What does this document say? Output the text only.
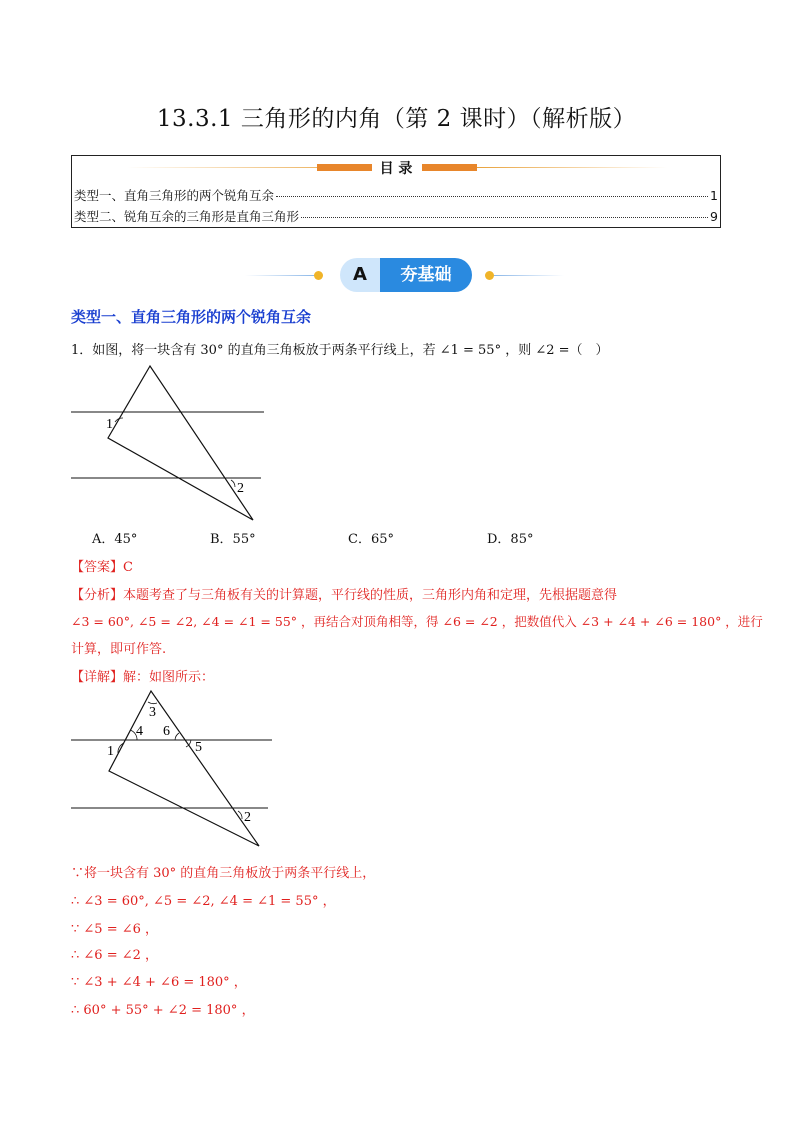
13.3.1 三角形的内角（第 2 课时）（解析版）
目 录
类型一、直角三角形的两个锐角互余	1
类型二、锐角互余的三角形是直角三角形	9
A	夯基础
类型一、直角三角形的两个锐角互余
1．如图，将一块含有 30° 的直角三角板放于两条平行线上，若 ∠1 = 55° ，则 ∠2 =（　）
1
2
A．45°	B．55°	C．65°	D．85°
【答案】C
【分析】本题考查了与三角板有关的计算题，平行线的性质，三角形内角和定理，先根据题意得
∠3 = 60°, ∠5 = ∠2, ∠4 = ∠1 = 55° ，再结合对顶角相等，得 ∠6 = ∠2 ，把数值代入 ∠3 + ∠4 + ∠6 = 180° ，进行
计算，即可作答.
【详解】解：如图所示：
1
3
4 6
5
2
∵将一块含有 30° 的直角三角板放于两条平行线上，
∴ ∠3 = 60°, ∠5 = ∠2, ∠4 = ∠1 = 55° ，
∵ ∠5 = ∠6 ，
∴ ∠6 = ∠2 ，
∵ ∠3 + ∠4 + ∠6 = 180° ，
∴ 60° + 55° + ∠2 = 180° ，
